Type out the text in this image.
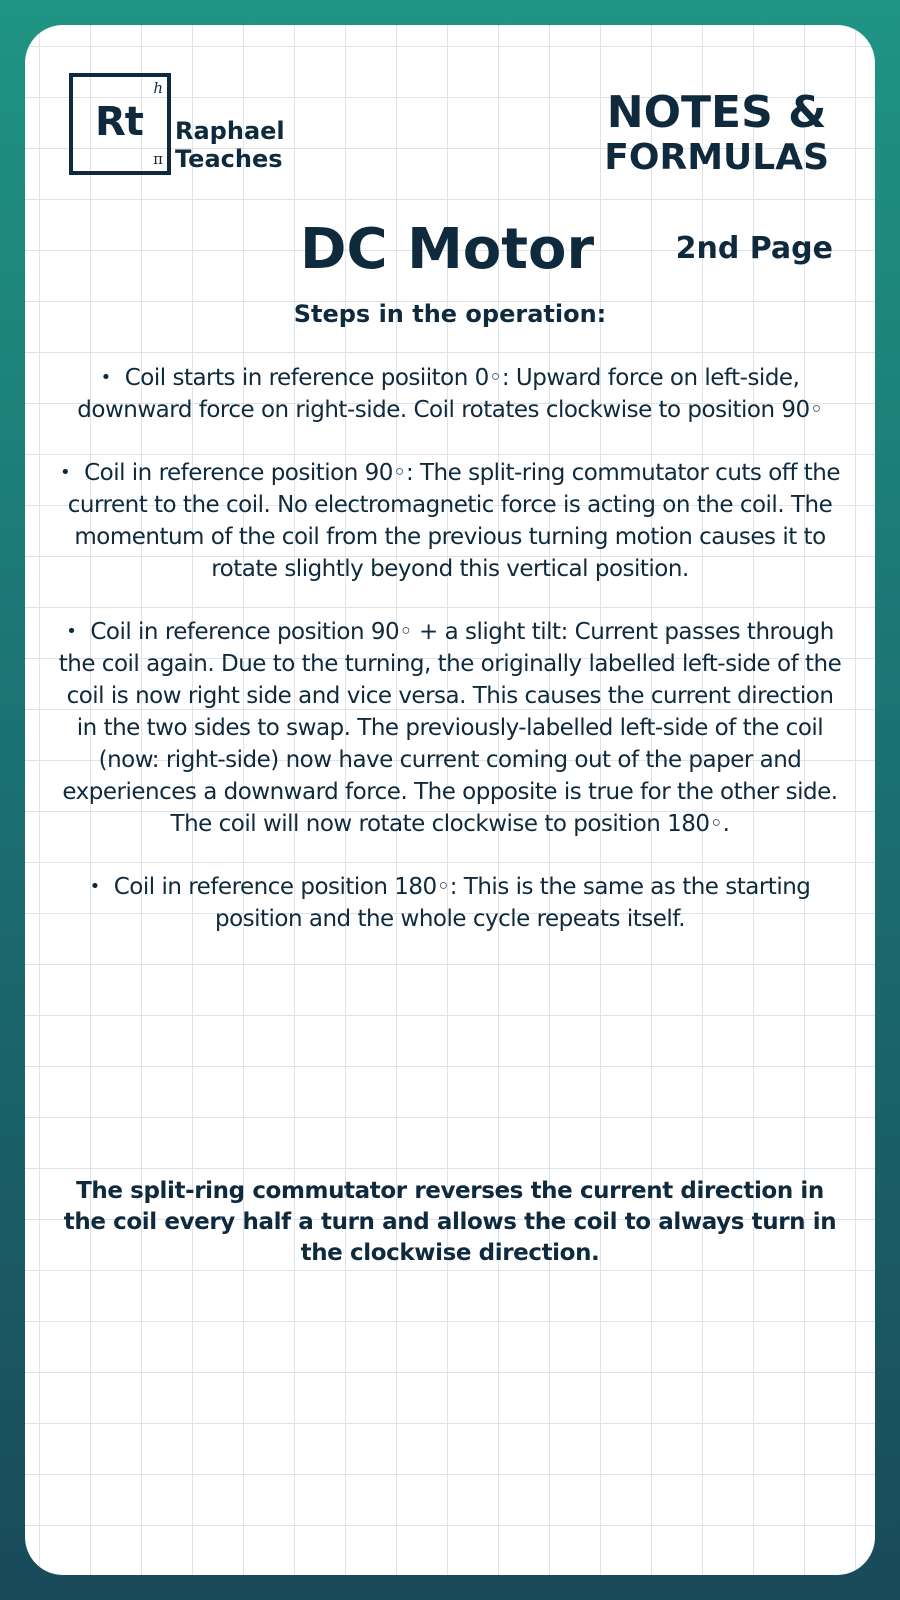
Rt
h
π
Raphael
Teaches
NOTES &
FORMULAS
DC Motor	2nd Page
Steps in the operation:
• Coil starts in reference posiiton 0◦: Upward force on left-side, downward force on right-side. Coil rotates clockwise to position 90◦
• Coil in reference position 90◦: The split-ring commutator cuts off the current to the coil. No electromagnetic force is acting on the coil. The momentum of the coil from the previous turning motion causes it to rotate slightly beyond this vertical position.
• Coil in reference position 90◦ + a slight tilt: Current passes through the coil again. Due to the turning, the originally labelled left-side of the coil is now right side and vice versa. This causes the current direction in the two sides to swap. The previously-labelled left-side of the coil (now: right-side) now have current coming out of the paper and experiences a downward force. The opposite is true for the other side. The coil will now rotate clockwise to position 180◦.
• Coil in reference position 180◦: This is the same as the starting position and the whole cycle repeats itself.
The split-ring commutator reverses the current direction in the coil every half a turn and allows the coil to always turn in the clockwise direction.
